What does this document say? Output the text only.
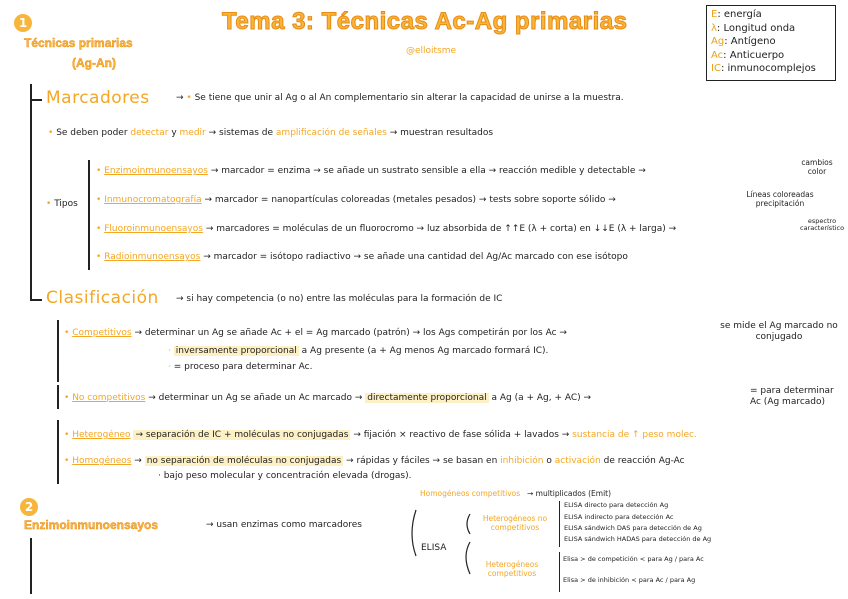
Tema 3: Técnicas Ac-Ag primarias
@elloitsme
E: energía
λ: Longitud onda
Ag: Antígeno
Ac: Anticuerpo
IC: inmunocomplejos
1
Técnicas primarias
(Ag-An)
Marcadores	→ • Se tiene que unir al Ag o al An complementario sin alterar la capacidad de unirse a la muestra.
• Se deben poder detectar y medir → sistemas de amplificación de señales → muestran resultados
• Tipos
• Enzimoinmunoensayos → marcador = enzima → se añade un sustrato sensible a ella → reacción medible y detectable →
cambios color
• Inmunocromatografía → marcador = nanopartículas coloreadas (metales pesados) → tests sobre soporte sólido →
Líneas coloreadas precipitación
• Fluoroinmunoensayos → marcadores = moléculas de un fluorocromo → luz absorbida de ↑↑E (λ + corta) en ↓↓E (λ + larga) →
espectro característico
• Radioinmunoensayos → marcador = isótopo radiactivo → se añade una cantidad del Ag/Ac marcado con ese isótopo
Clasificación → si hay competencia (o no) entre las moléculas para la formación de IC
• Competitivos → determinar un Ag se añade Ac + el = Ag marcado (patrón) → los Ags competirán por los Ac →
se mide el Ag marcado no conjugado
· inversamente proporcional a Ag presente (a + Ag menos Ag marcado formará IC).
· = proceso para determinar Ac.
• No competitivos → determinar un Ag se añade un Ac marcado → directamente proporcional a Ag (a + Ag, + AC) →
= para determinar Ac (Ag marcado)
• Heterogéneo → separación de IC + moléculas no conjugadas → fijación × reactivo de fase sólida + lavados → sustancia de ↑ peso molec.
• Homogéneos → no separación de moléculas no conjugadas → rápidas y fáciles → se basan en inhibición o activación de reacción Ag-Ac
· bajo peso molecular y concentración elevada (drogas).
2
Enzimoinmunoensayos	→ usan enzimas como marcadores
Homogéneos competitivos → multiplicados (Emit)
ELISA
Heterogéneos no competitivos
ELISA directo para detección Ag
ELISA indirecto para detección Ac
ELISA sándwich DAS para detección de Ag
ELISA sándwich HADAS para detección de Ag
Heterogéneos competitivos
Elisa > de competición < para Ag / para Ac
Elisa > de inhibición < para Ac / para Ag
